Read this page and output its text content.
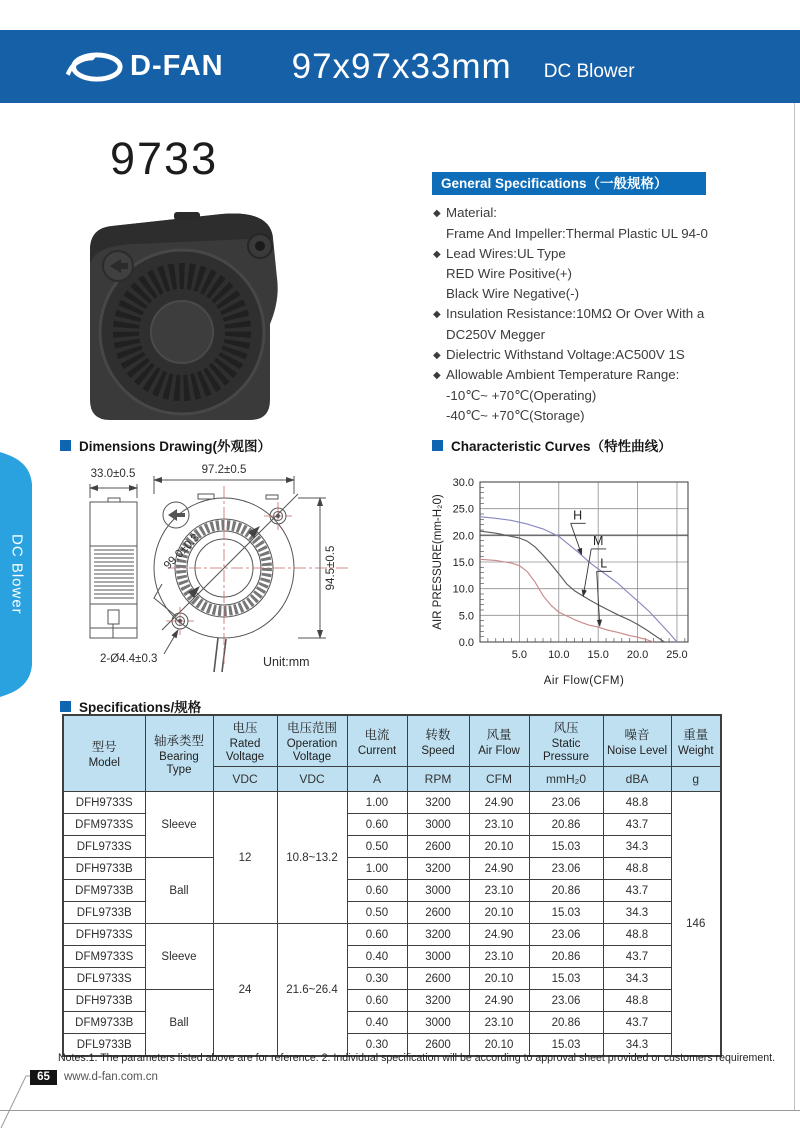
D-FAN 97x97x33mm DC Blower
9733	General Specifications（一般规格）
◆ Material:
Frame And Impeller:Thermal Plastic UL 94-0
◆ Lead Wires:UL Type
RED Wire Positive(+)
Black Wire Negative(-)
◆ Insulation Resistance:10MΩ Or Over With a
DC250V Megger
◆ Dielectric Withstand Voltage:AC500V 1S
◆ Allowable Ambient Temperature Range:
-10℃~ +70℃(Operating)
-40℃~ +70℃(Storage)
Dimensions Drawing(外观图）	Characteristic Curves（特性曲线）
DC Blower
33.0±0.5	97.2±0.5
94.5±0.5
99.0±0.3
2-Ø4.4±0.3	Unit:mm
H
M
L
0.0
5.0
10.0
15.0
20.0
25.0
30.0
5.0 10.0 15.0 20.0 25.0
Air Flow(CFM)
AIR PRESSURE(mm-H₂0)
Specifications/规格
型号
Model	轴承类型
Bearing Type	电压
Rated Voltage	电压范围
Operation Voltage	电流
Current	转数
Speed	风量
Air Flow	风压
Static Pressure	噪音
Noise Level	重量
Weight

		VDC	VDC	A	RPM	CFM	mmH₂0	dBA	g
DFH9733S	Sleeve	12	10.8~13.2	1.00	3200	24.90	23.06	48.8	146
DFM9733S				0.60	3000	23.10	20.86	43.7	
DFL9733S				0.50	2600	20.10	15.03	34.3	
DFH9733B	Ball			1.00	3200	24.90	23.06	48.8	
DFM9733B				0.60	3000	23.10	20.86	43.7	
DFL9733B				0.50	2600	20.10	15.03	34.3	
DFH9733S	Sleeve	24	21.6~26.4	0.60	3200	24.90	23.06	48.8	
DFM9733S				0.40	3000	23.10	20.86	43.7	
DFL9733S				0.30	2600	20.10	15.03	34.3	
DFH9733B	Ball			0.60	3200	24.90	23.06	48.8	
DFM9733B				0.40	3000	23.10	20.86	43.7	
DFL9733B				0.30	2600	20.10	15.03	34.3	
Notes:1. The parameters listed above are for reference. 2. Individual specification will be according to approval sheet provided or customers requirement.
65	www.d-fan.com.cn
